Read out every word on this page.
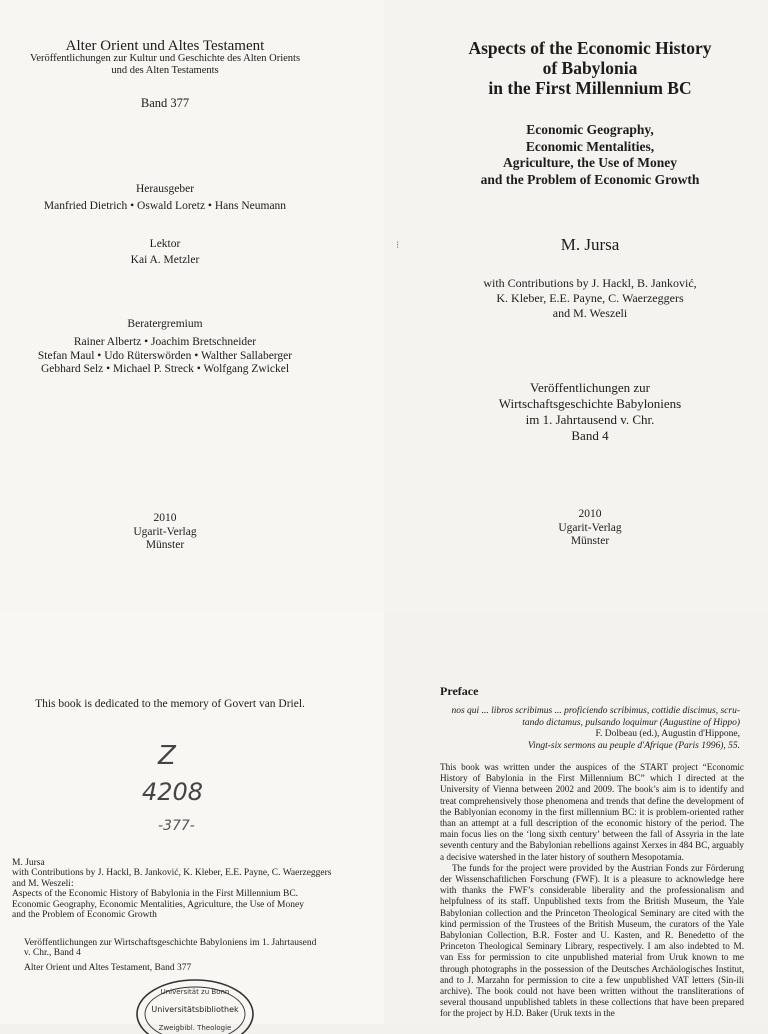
Alter Orient und Altes Testament
Veröffentlichungen zur Kultur und Geschichte des Alten Orients
und des Alten Testaments
Band 377
Herausgeber
Manfried Dietrich • Oswald Loretz • Hans Neumann
Lektor
Kai A. Metzler
Beratergremium
Rainer Albertz • Joachim Bretschneider
Stefan Maul • Udo Rüterswörden • Walther Sallaberger
Gebhard Selz • Michael P. Streck • Wolfgang Zwickel
2010
Ugarit-Verlag
Münster
⁝
Aspects of the Economic History
of Babylonia
in the First Millennium BC
Economic Geography,
Economic Mentalities,
Agriculture, the Use of Money
and the Problem of Economic Growth
M. Jursa
with Contributions by J. Hackl, B. Janković,
K. Kleber, E.E. Payne, C. Waerzeggers
and M. Weszeli
Veröffentlichungen zur
Wirtschaftsgeschichte Babyloniens
im 1. Jahrtausend v. Chr.
Band 4
2010
Ugarit-Verlag
Münster
This book is dedicated to the memory of Govert van Driel.
Z
4208
-377-
M. Jursa
with Contributions by J. Hackl, B. Janković, K. Kleber, E.E. Payne, C. Waerzeggers
and M. Weszeli:
Aspects of the Economic History of Babylonia in the First Millennium BC.
Economic Geography, Economic Mentalities, Agriculture, the Use of Money
and the Problem of Economic Growth
Veröffentlichungen zur Wirtschaftsgeschichte Babyloniens im 1. Jahrtausend
v. Chr., Band 4
Alter Orient und Altes Testament, Band 377
Universität zu Bonn
Universitätsbibliothek
Zweigbibl. Theologie
Preface
nos qui ... libros scribimus ... proficiendo scribimus, cottidie discimus, scru-
tando dictamus, pulsando loquimur (Augustine of Hippo)
F. Dolbeau (ed.), Augustin d'Hippone,
Vingt-six sermons au peuple d'Afrique (Paris 1996), 55.

This book was written under the auspices of the START project “Economic History of Babylonia in the First Millennium BC” which I directed at the University of Vienna between 2002 and 2009. The book’s aim is to identify and treat comprehensively those phenomena and trends that define the development of the Bablyonian economy in the first millennium BC: it is problem-oriented rather than an attempt at a full description of the economic history of the period. The main focus lies on the ‘long sixth century’ between the fall of Assyria in the late seventh century and the Babylonian rebellions against Xerxes in 484 BC, arguably a decisive watershed in the later history of southern Mesopotamia.

The funds for the project were provided by the Austrian Fonds zur Förderung der Wissenschaftlichen Forschung (FWF). It is a pleasure to acknowledge here with thanks the FWF’s considerable liberality and the professionalism and helpfulness of its staff. Unpublished texts from the British Museum, the Yale Babylonian collection and the Princeton Theological Seminary are cited with the kind permission of the Trustees of the British Museum, the curators of the Yale Babylonian Collection, B.R. Foster and U. Kasten, and R. Benedetto of the Princeton Theological Seminary Library, respectively. I am also indebted to M. van Ess for permission to cite unpublished material from Uruk known to me through photographs in the possession of the Deutsches Archäologisches Institut, and to J. Marzahn for permission to cite a few unpublished VAT letters (Sin-ili archive). The book could not have been written without the transliterations of several thousand unpublished tablets in these collections that have been prepared for the project by H.D. Baker (Uruk texts in the
